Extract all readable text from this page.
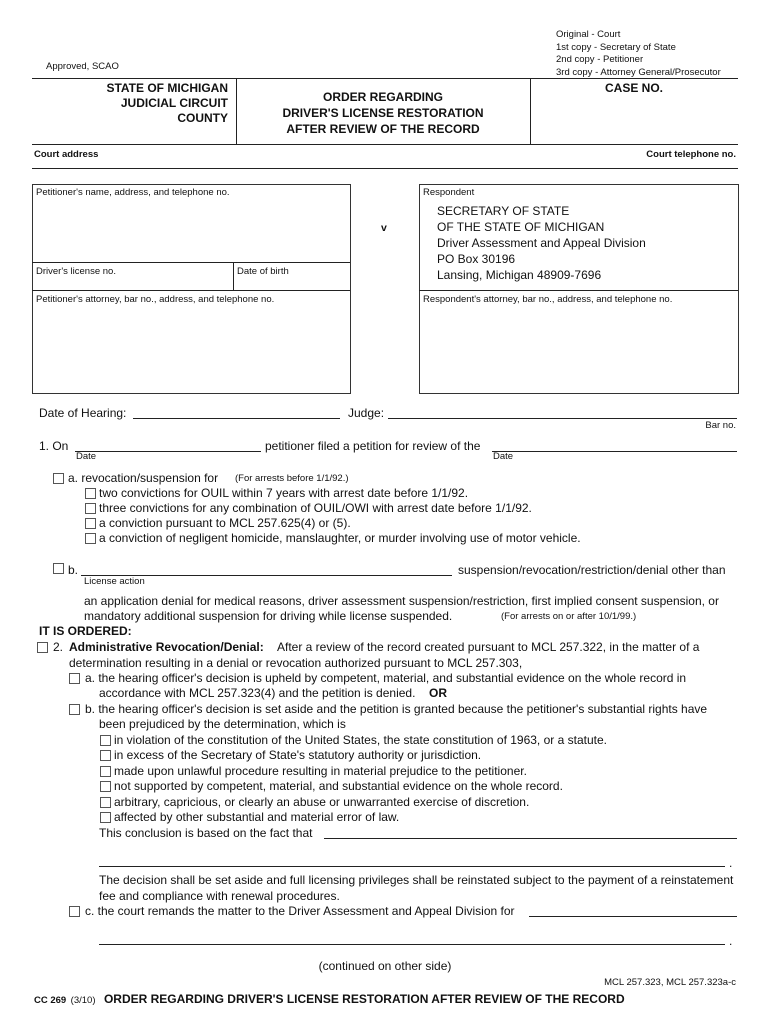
Approved, SCAO
Original - Court
1st copy - Secretary of State
2nd copy - Petitioner
3rd copy - Attorney General/Prosecutor
STATE OF MICHIGAN
JUDICIAL CIRCUIT
COUNTY
ORDER REGARDING
DRIVER'S LICENSE RESTORATION
AFTER REVIEW OF THE RECORD
CASE NO.
Court address	Court telephone no.
Petitioner's name, address, and telephone no.
Driver's license no.	Date of birth
Petitioner's attorney, bar no., address, and telephone no.
v
Respondent
SECRETARY OF STATE
OF THE STATE OF MICHIGAN
Driver Assessment and Appeal Division
PO Box 30196
Lansing, Michigan 48909-7696
Respondent's attorney, bar no., address, and telephone no.
Date of Hearing:	Judge:
Bar no.
1. On
Date
petitioner filed a petition for review of the
Date
a. revocation/suspension for (For arrests before 1/1/92.)
two convictions for OUIL within 7 years with arrest date before 1/1/92.
three convictions for any combination of OUIL/OWI with arrest date before 1/1/92.
a conviction pursuant to MCL 257.625(4) or (5).
a conviction of negligent homicide, manslaughter, or murder involving use of motor vehicle.
b.
License action
suspension/revocation/restriction/denial other than
an application denial for medical reasons, driver assessment suspension/restriction, first implied consent suspension, or
mandatory additional suspension for driving while license suspended.	(For arrests on or after 10/1/99.)
IT IS ORDERED:
2. Administrative Revocation/Denial: After a review of the record created pursuant to MCL 257.322, in the matter of a
determination resulting in a denial or revocation authorized pursuant to MCL 257.303,
a. the hearing officer's decision is upheld by competent, material, and substantial evidence on the whole record in
accordance with MCL 257.323(4) and the petition is denied. OR
b. the hearing officer's decision is set aside and the petition is granted because the petitioner's substantial rights have
been prejudiced by the determination, which is
in violation of the constitution of the United States, the state constitution of 1963, or a statute.
in excess of the Secretary of State's statutory authority or jurisdiction.
made upon unlawful procedure resulting in material prejudice to the petitioner.
not supported by competent, material, and substantial evidence on the whole record.
arbitrary, capricious, or clearly an abuse or unwarranted exercise of discretion.
affected by other substantial and material error of law.
This conclusion is based on the fact that
.
The decision shall be set aside and full licensing privileges shall be reinstated subject to the payment of a reinstatement
fee and compliance with renewal procedures.
c. the court remands the matter to the Driver Assessment and Appeal Division for
.
(continued on other side)
MCL 257.323, MCL 257.323a-c
CC 269 (3/10) ORDER REGARDING DRIVER'S LICENSE RESTORATION AFTER REVIEW OF THE RECORD
